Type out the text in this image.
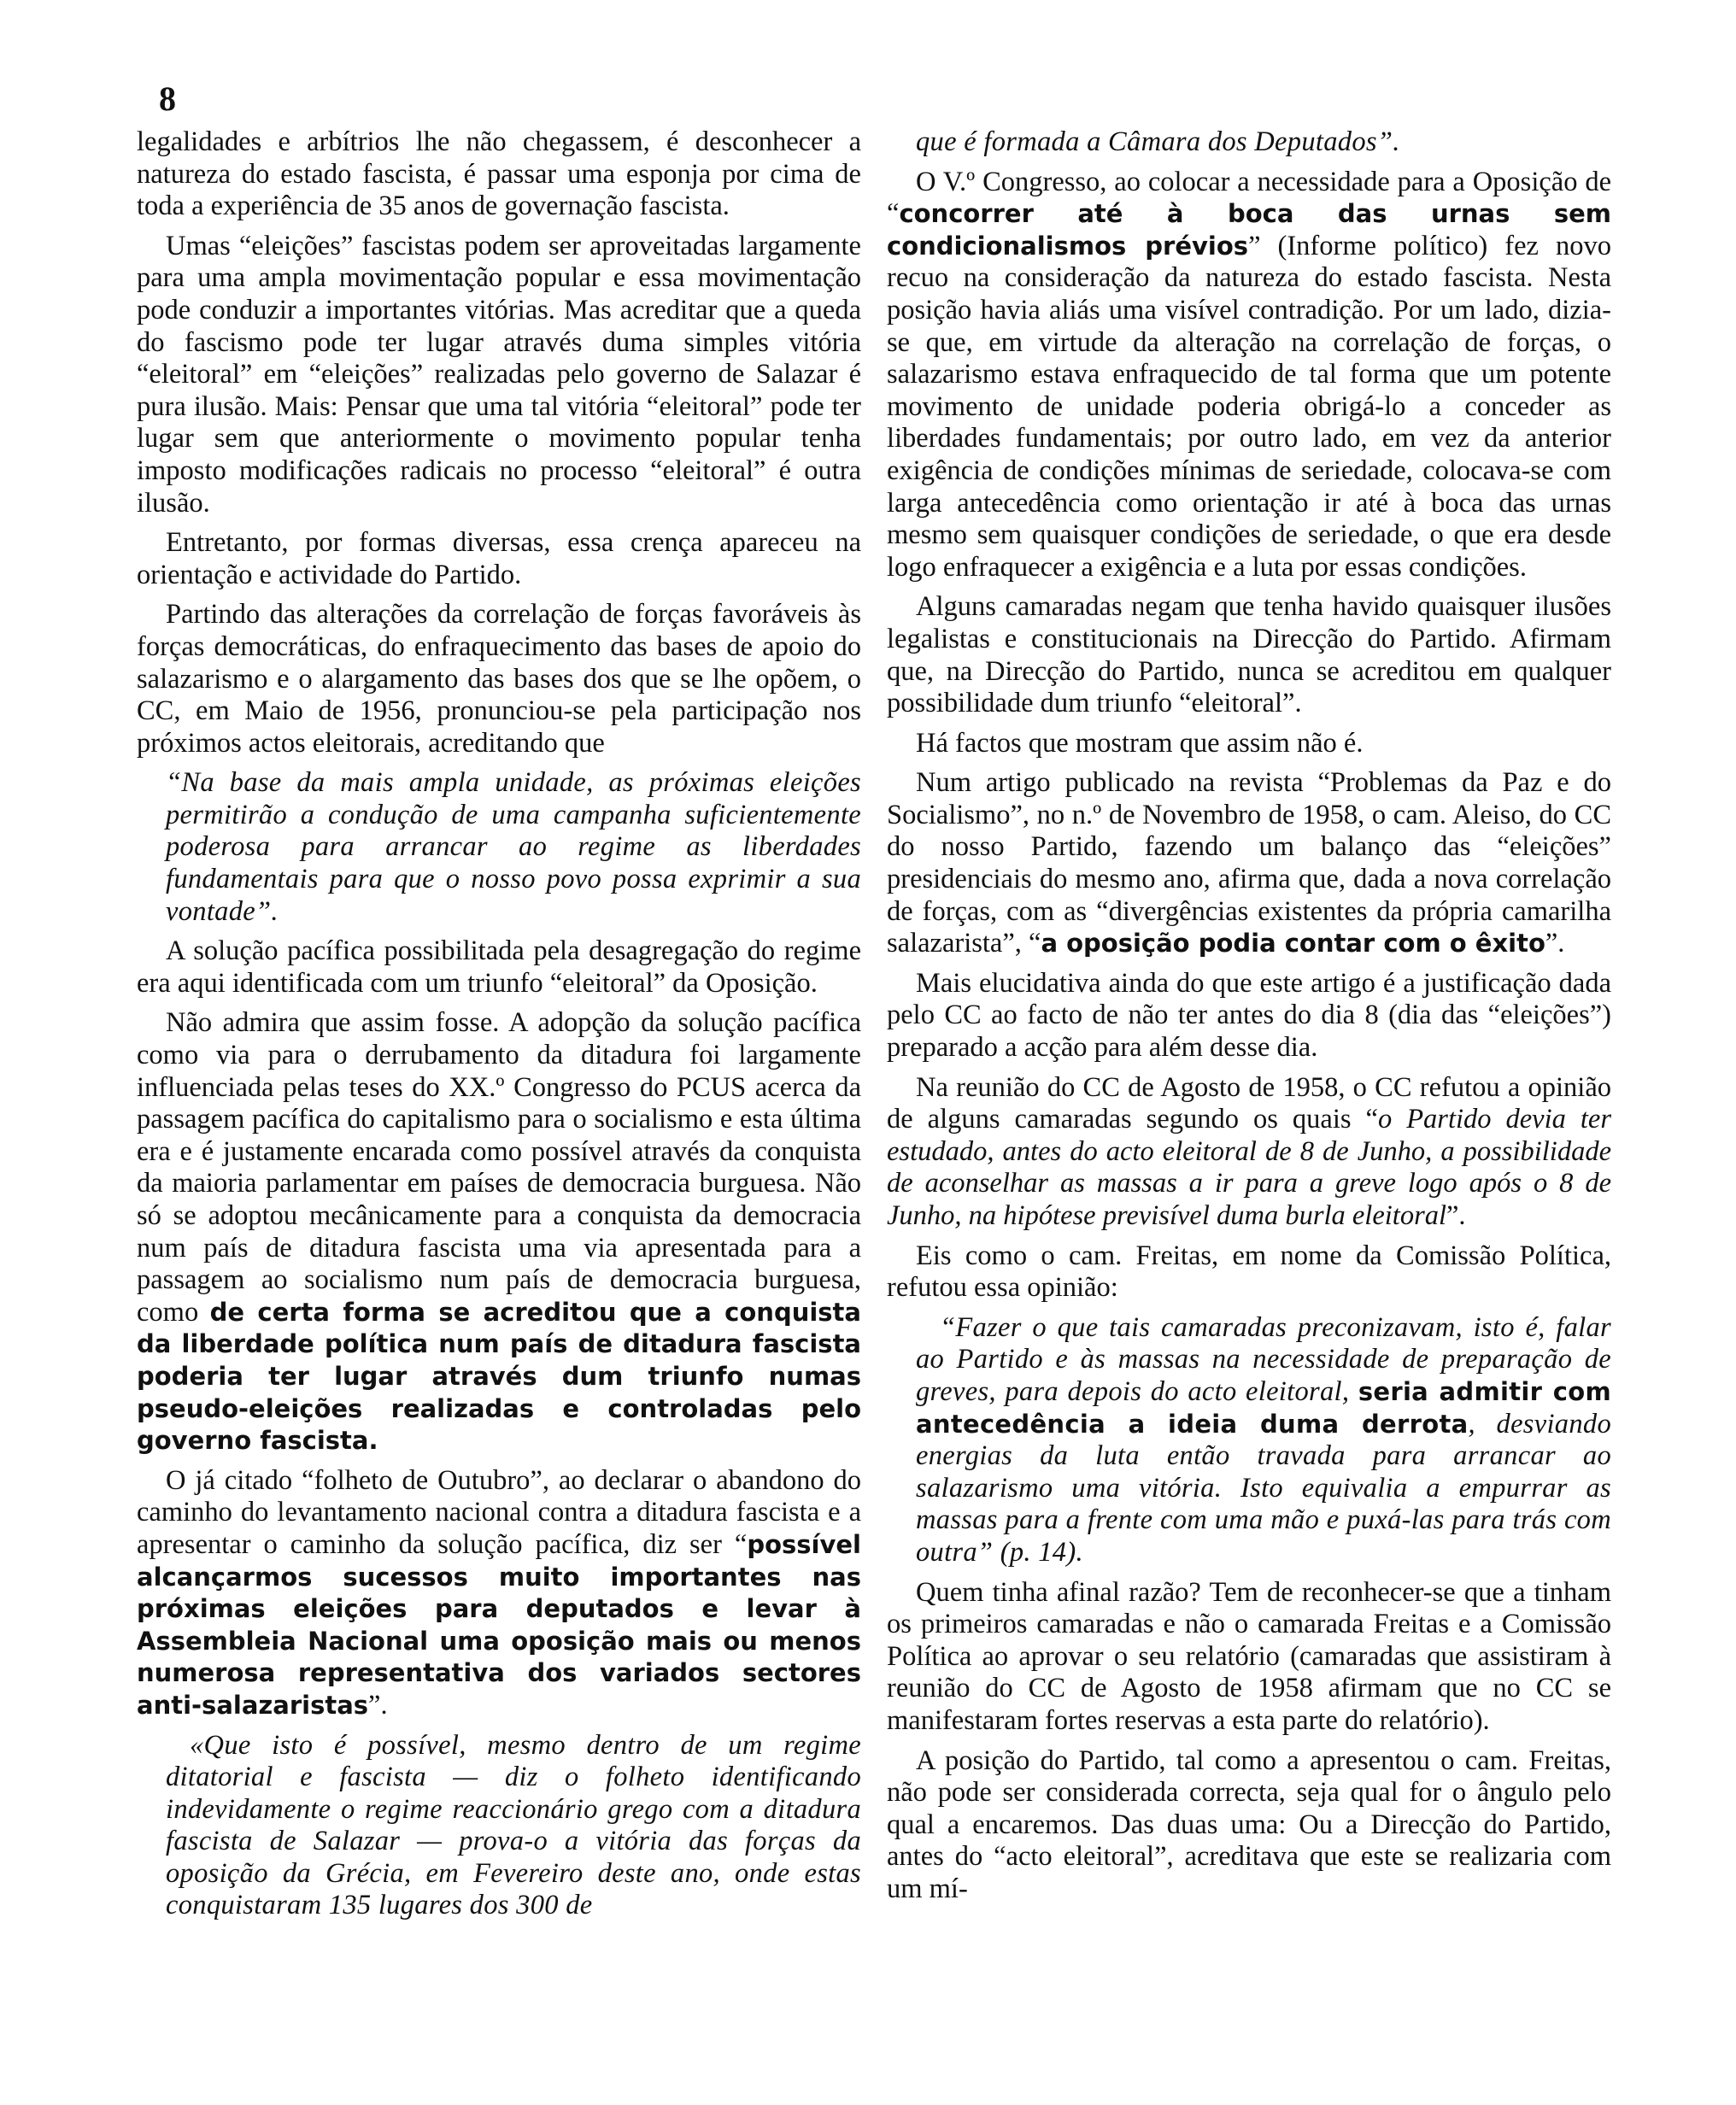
8

legalidades e arbítrios lhe não chegassem, é desconhecer a natureza do estado fascista, é passar uma esponja por cima de toda a experiência de 35 anos de governação fascista.

Umas “eleições” fascistas podem ser aproveitadas largamente para uma ampla movimentação popular e essa movimentação pode conduzir a importantes vitórias. Mas acreditar que a queda do fascismo pode ter lugar através duma simples vitória “eleitoral” em “eleições” realizadas pelo governo de Salazar é pura ilusão. Mais: Pensar que uma tal vitória “eleitoral” pode ter lugar sem que anteriormente o movimento popular tenha imposto modificações radicais no processo “eleitoral” é outra ilusão.

Entretanto, por formas diversas, essa crença apareceu na orientação e actividade do Partido.

Partindo das alterações da correlação de forças favoráveis às forças democráticas, do enfraquecimento das bases de apoio do salazarismo e o alargamento das bases dos que se lhe opõem, o CC, em Maio de 1956, pronunciou-se pela participação nos próximos actos eleitorais, acreditando que

“Na base da mais ampla unidade, as próximas eleições permitirão a condução de uma campanha suficientemente poderosa para arrancar ao regime as liberdades fundamentais para que o nosso povo possa exprimir a sua vontade”.

A solução pacífica possibilitada pela desagregação do regime era aqui identificada com um triunfo “eleitoral” da Oposição.

Não admira que assim fosse. A adopção da solução pacífica como via para o derrubamento da ditadura foi largamente influenciada pelas teses do XX.º Congresso do PCUS acerca da passagem pacífica do capitalismo para o socialismo e esta última era e é justamente encarada como possível através da conquista da maioria parlamentar em países de democracia burguesa. Não só se adoptou mecânicamente para a conquista da democracia num país de ditadura fascista uma via apresentada para a passagem ao socialismo num país de democracia burguesa, como de certa forma se acreditou que a conquista da liberdade política num país de ditadura fascista poderia ter lugar através dum triunfo numas pseudo-eleições realizadas e controladas pelo governo fascista.

O já citado “folheto de Outubro”, ao declarar o abandono do caminho do levantamento nacional contra a ditadura fascista e a apresentar o caminho da solução pacífica, diz ser “possível alcançarmos sucessos muito importantes nas próximas eleições para deputados e levar à Assembleia Nacional uma oposição mais ou menos numerosa representativa dos variados sectores anti-salazaristas”.

«Que isto é possível, mesmo dentro de um regime ditatorial e fascista — diz o folheto identificando indevidamente o regime reaccionário grego com a ditadura fascista de Salazar — prova-o a vitória das forças da oposição da Grécia, em Fevereiro deste ano, onde estas conquistaram 135 lugares dos 300 de

que é formada a Câmara dos Deputados”.

O V.º Congresso, ao colocar a necessidade para a Oposição de “concorrer até à boca das urnas sem condicionalismos prévios” (Informe político) fez novo recuo na consideração da natureza do estado fascista. Nesta posição havia aliás uma visível contradição. Por um lado, dizia-se que, em virtude da alteração na correlação de forças, o salazarismo estava enfraquecido de tal forma que um potente movimento de unidade poderia obrigá-lo a conceder as liberdades fundamentais; por outro lado, em vez da anterior exigência de condições mínimas de seriedade, colocava-se com larga antecedência como orientação ir até à boca das urnas mesmo sem quaisquer condições de seriedade, o que era desde logo enfraquecer a exigência e a luta por essas condições.

Alguns camaradas negam que tenha havido quaisquer ilusões legalistas e constitucionais na Direcção do Partido. Afirmam que, na Direcção do Partido, nunca se acreditou em qualquer possibilidade dum triunfo “eleitoral”.

Há factos que mostram que assim não é.

Num artigo publicado na revista “Problemas da Paz e do Socialismo”, no n.º de Novembro de 1958, o cam. Aleiso, do CC do nosso Partido, fazendo um balanço das “eleições” presidenciais do mesmo ano, afirma que, dada a nova correlação de forças, com as “divergências existentes da própria camarilha salazarista”, “a oposição podia contar com o êxito”.

Mais elucidativa ainda do que este artigo é a justificação dada pelo CC ao facto de não ter antes do dia 8 (dia das “eleições”) preparado a acção para além desse dia.

Na reunião do CC de Agosto de 1958, o CC refutou a opinião de alguns camaradas segundo os quais “o Partido devia ter estudado, antes do acto eleitoral de 8 de Junho, a possibilidade de aconselhar as massas a ir para a greve logo após o 8 de Junho, na hipótese previsível duma burla eleitoral”.

Eis como o cam. Freitas, em nome da Comissão Política, refutou essa opinião:

“Fazer o que tais camaradas preconizavam, isto é, falar ao Partido e às massas na necessidade de preparação de greves, para depois do acto eleitoral, seria admitir com antecedência a ideia duma derrota, desviando energias da luta então travada para arrancar ao salazarismo uma vitória. Isto equivalia a empurrar as massas para a frente com uma mão e puxá-las para trás com outra” (p. 14).

Quem tinha afinal razão? Tem de reconhecer-se que a tinham os primeiros camaradas e não o camarada Freitas e a Comissão Política ao aprovar o seu relatório (camaradas que assistiram à reunião do CC de Agosto de 1958 afirmam que no CC se manifestaram fortes reservas a esta parte do relatório).

A posição do Partido, tal como a apresentou o cam. Freitas, não pode ser considerada correcta, seja qual for o ângulo pelo qual a encaremos. Das duas uma: Ou a Direcção do Partido, antes do “acto eleitoral”, acreditava que este se realizaria com um mí-
